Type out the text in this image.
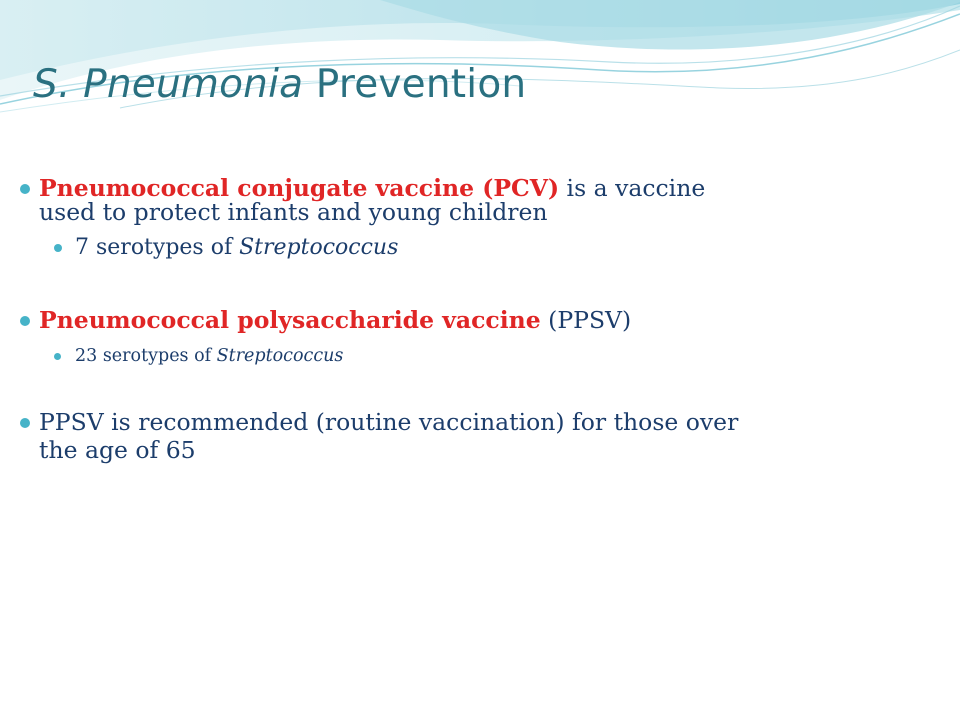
S. Pneumonia Prevention
Pneumococcal conjugate vaccine (PCV) is a vaccine
used to protect infants and young children
7 serotypes of Streptococcus
Pneumococcal polysaccharide vaccine (PPSV)
23 serotypes of Streptococcus
PPSV is recommended (routine vaccination) for those over
the age of 65
